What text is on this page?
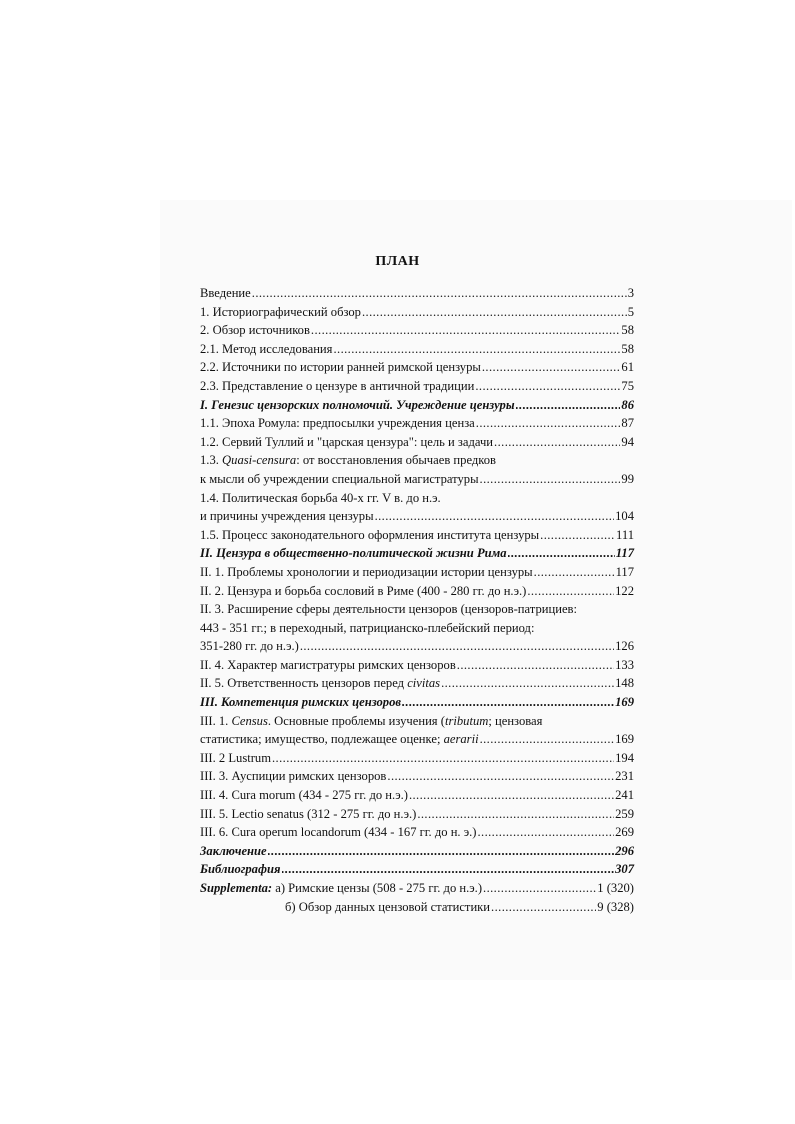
ПЛАН
Введение .....	3
1. Историографический обзор .....	5
2. Обзор источников .....	58
2.1. Метод исследования .....	58
2.2. Источники по истории ранней римской цензуры .....	61
2.3. Представление о цензуре в античной традиции .....	75
I. Генезис цензорских полномочий. Учреждение цензуры .....	86
1.1. Эпоха Ромула: предпосылки учреждения ценза .....	87
1.2. Сервий Туллий и "царская цензура": цель и задачи .....	94
1.3. Quasi-censura: от восстановления обычаев предков
к мысли об учреждении специальной магистратуры .....	99
1.4. Политическая борьба 40-х гг. V в. до н.э.
и причины учреждения цензуры .....	104
1.5. Процесс законодательного оформления института цензуры .....	111
II. Цензура в общественно-политической жизни Рима .....	117
II. 1. Проблемы хронологии и периодизации истории цензуры .....	117
II. 2. Цензура и борьба сословий в Риме (400 - 280 гг. до н.э.) .....	122
II. 3. Расширение сферы деятельности цензоров (цензоров-патрициев:
443 - 351 гг.; в переходный, патрицианско-плебейский период:
351-280 гг. до н.э.) .....	126
II. 4. Характер магистратуры римских цензоров .....	133
II. 5. Ответственность цензоров перед civitas .....	148
III. Компетенция римских цензоров .....	169
III. 1. Census. Основные проблемы изучения (tributum; цензовая
статистика; имущество, подлежащее оценке; aerarii .....	169
III. 2 Lustrum .....	194
III. 3. Ауспиции римских цензоров .....	231
III. 4. Cura morum (434 - 275 гг. до н.э.) .....	241
III. 5. Lectio senatus (312 - 275 гг. до н.э.) .....	259
III. 6. Cura operum locandorum (434 - 167 гг. до н. э.) .....	269
Заключение .....	296
Библиография .....	307
Supplementa: а) Римские цензы (508 - 275 гг. до н.э.) .....	1 (320)
б) Обзор данных цензовой статистики .....	9 (328)
